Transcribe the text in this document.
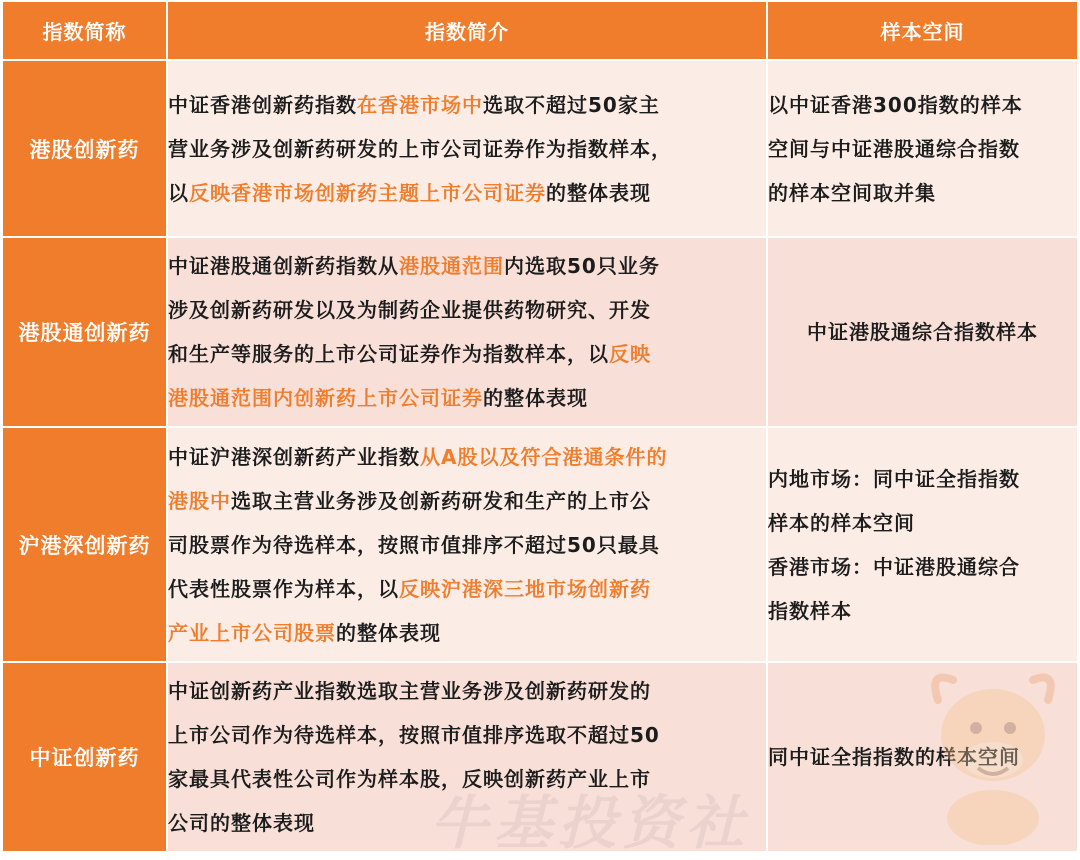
指数简称	指数简介	样本空间
港股创新药	中证香港创新药指数在香港市场中选取不超过50家主
营业务涉及创新药研发的上市公司证券作为指数样本，
以反映香港市场创新药主题上市公司证券的整体表现	以中证香港300指数的样本
空间与中证港股通综合指数
的样本空间取并集

港股通创新药	中证港股通创新药指数从港股通范围内选取50只业务
涉及创新药研发以及为制药企业提供药物研究、开发
和生产等服务的上市公司证券作为指数样本，以反映
港股通范围内创新药上市公司证券的整体表现	中证港股通综合指数样本

沪港深创新药	中证沪港深创新药产业指数从A股以及符合港通条件的
港股中选取主营业务涉及创新药研发和生产的上市公
司股票作为待选样本，按照市值排序不超过50只最具
代表性股票作为样本，以反映沪港深三地市场创新药
产业上市公司股票的整体表现	内地市场：同中证全指指数
样本的样本空间
香港市场：中证港股通综合
指数样本

中证创新药	中证创新药产业指数选取主营业务涉及创新药研发的
上市公司作为待选样本，按照市值排序选取不超过50
家最具代表性公司作为样本股，反映创新药产业上市
公司的整体表现	同中证全指指数的样本空间
牛基投资社
